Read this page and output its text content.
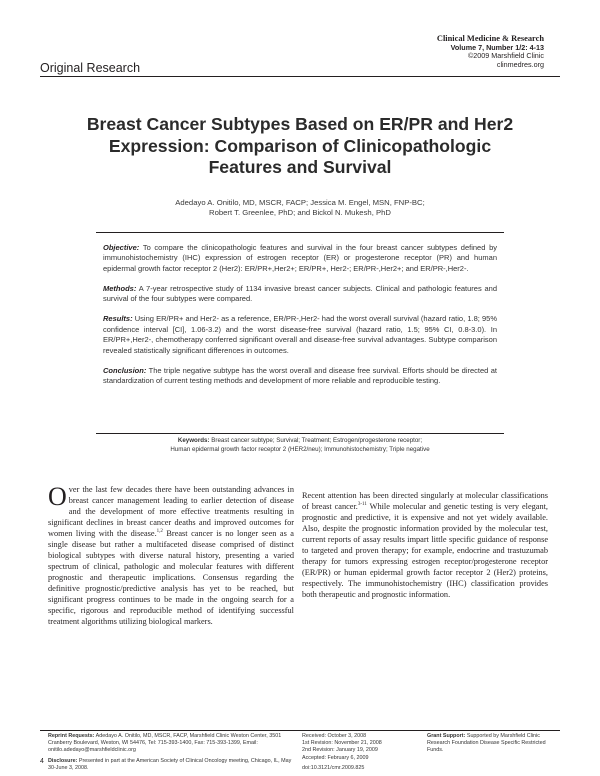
Clinical Medicine & Research
Volume 7, Number 1/2: 4-13
©2009 Marshfield Clinic
clinmedres.org
Original Research
Breast Cancer Subtypes Based on ER/PR and Her2
Expression: Comparison of Clinicopathologic
Features and Survival
Adedayo A. Onitilo, MD, MSCR, FACP; Jessica M. Engel, MSN, FNP-BC;
Robert T. Greenlee, PhD; and Bickol N. Mukesh, PhD

Objective: To compare the clinicopathologic features and survival in the four breast cancer subtypes defined by immunohistochemistry (IHC) expression of estrogen receptor (ER) or progesterone receptor (PR) and human epidermal growth factor receptor 2 (Her2): ER/PR+,Her2+; ER/PR+, Her2-; ER/PR-,Her2+; and ER/PR-,Her2-.

Methods: A 7-year retrospective study of 1134 invasive breast cancer subjects. Clinical and pathologic features and survival of the four subtypes were compared.

Results: Using ER/PR+ and Her2- as a reference, ER/PR-,Her2- had the worst overall survival (hazard ratio, 1.8; 95% confidence interval [CI], 1.06-3.2) and the worst disease-free survival (hazard ratio, 1.5; 95% CI, 0.8-3.0). In ER/PR+,Her2-, chemotherapy conferred significant overall and disease-free survival advantages. Subtype comparison revealed statistically significant differences in outcomes.

Conclusion: The triple negative subtype has the worst overall and disease free survival. Efforts should be directed at standardization of current testing methods and development of more reliable and reproducible testing.

Keywords: Breast cancer subtype; Survival; Treatment; Estrogen/progesterone receptor;
Human epidermal growth factor receptor 2 (HER2/neu); Immunohistochemistry; Triple negative
Over the last few decades there have been outstanding advances in breast cancer management leading to earlier detection of disease and the development of more effective treatments resulting in significant declines in breast cancer deaths and improved outcomes for women living with the disease.$^{1,2}$ Breast cancer is no longer seen as a single disease but rather a multifaceted disease comprised of distinct biological subtypes with diverse natural history, presenting a varied spectrum of clinical, pathologic and molecular features with different prognostic and therapeutic implications. Consensus regarding the definitive prognostic/predictive analysis has yet to be reached, but significant progress continues to be made in the ongoing search for a specific, rigorous and reproducible method of identifying successful treatment algorithms utilizing biological markers.
Recent attention has been directed singularly at molecular classifications of breast cancer.$^{3-11}$ While molecular and genetic testing is very elegant, prognostic and predictive, it is expensive and not yet widely available. Also, despite the prognostic information provided by the molecular test, current reports of assay results impart little specific guidance of response to targeted and proven therapy; for example, endocrine and trastuzumab therapy for tumors expressing estrogen receptor/progesterone receptor (ER/PR) or human epidermal growth factor receptor 2 (Her2) proteins, respectively. The immunohistochemistry (IHC) classification provides both therapeutic and prognostic information.
Reprint Requests: Adedayo A. Onitilo, MD, MSCR, FACP, Marshfield Clinic Weston Center, 3501 Cranberry Boulevard, Weston, WI 54476, Tel: 715-393-1400, Fax: 715-393-1399, Email: onitilo.adedayo@marshfieldclinic.org
Disclosure: Presented in part at the American Society of Clinical Oncology meeting, Chicago, IL, May 30-June 3, 2008.
Received: October 3, 2008
1st Revision: November 21, 2008
2nd Revision: January 19, 2009
Accepted: February 6, 2009
doi:10.3121/cmr.2009.825
Grant Support: Supported by Marshfield Clinic Research Foundation Disease Specific Restricted Funds.
4
